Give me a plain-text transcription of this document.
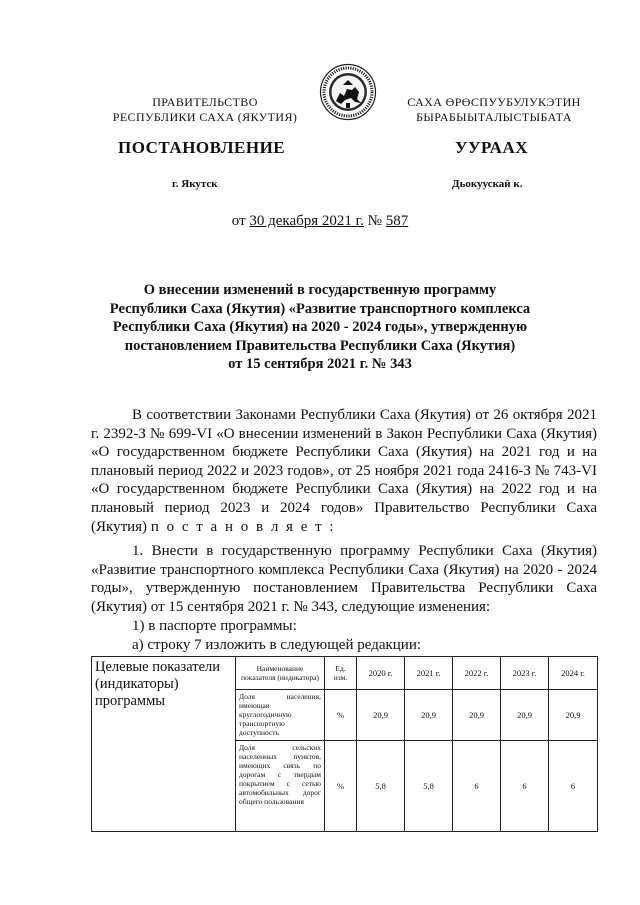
ПРАВИТЕЛЬСТВО
РЕСПУБЛИКИ САХА (ЯКУТИЯ)
САХА ӨРӨСПУУБУЛУКЭТИН
БЫРАБЫЫТАЛЫСТЫБАТА
ПОСТАНОВЛЕНИЕ	УУРААХ
г. Якутск	Дьокуускай к.
от 30 декабря 2021 г. № 587
О внесении изменений в государственную программу
Республики Саха (Якутия) «Развитие транспортного комплекса
Республики Саха (Якутия) на 2020 - 2024 годы», утвержденную
постановлением Правительства Республики Саха (Якутия)
от 15 сентября 2021 г. № 343

В соответствии Законами Республики Саха (Якутия) от 26 октября 2021 г. 2392-З № 699-VI «О внесении изменений в Закон Республики Саха (Якутия) «О государственном бюджете Республики Саха (Якутия) на 2021 год и на плановый период 2022 и 2023 годов», от 25 ноября 2021 года 2416-З № 743-VI «О государственном бюджете Республики Саха (Якутия) на 2022 год и на плановый период 2023 и 2024 годов» Правительство Республики Саха (Якутия) п о с т а н о в л я е т :

1. Внести в государственную программу Республики Саха (Якутия) «Развитие транспортного комплекса Республики Саха (Якутия) на 2020 - 2024 годы», утвержденную постановлением Правительства Республики Саха (Якутия) от 15 сентября 2021 г. № 343, следующие изменения:

1) в паспорте программы:

а) строку 7 изложить в следующей редакции:

Целевые показатели (индикаторы) программы	Наименование показателя (индикатора)	Ед. изм.	2020 г.	2021 г.	2022 г.	2023 г.	2024 г.
	Доля населения, имеющая круглогодичную транспортную доступность	%	20,9	20,9	20,9	20,9	20,9
	Доля сельских населенных пунктов, имеющих связь по дорогам с твердым покрытием с сетью автомобильных дорог общего пользования	%	5,8	5,8	6	6	6
